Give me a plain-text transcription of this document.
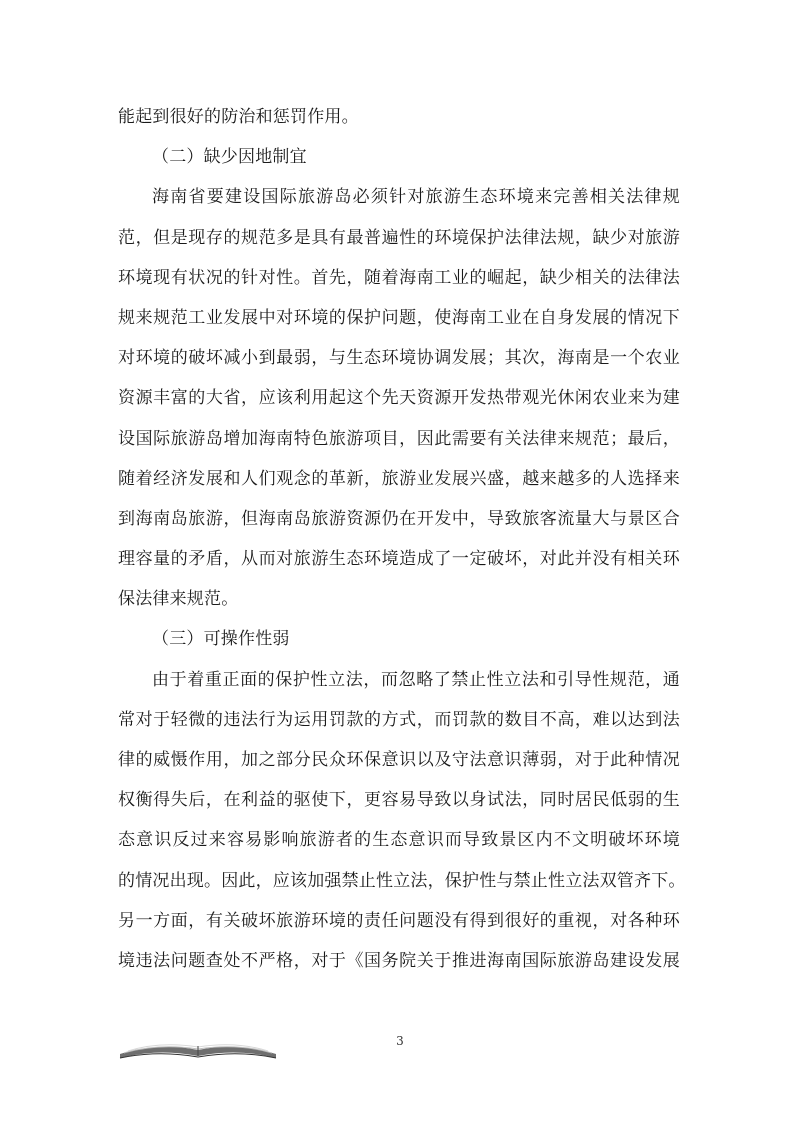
能起到很好的防治和惩罚作用。
（二）缺少因地制宜
海南省要建设国际旅游岛必须针对旅游生态环境来完善相关法律规
范，但是现存的规范多是具有最普遍性的环境保护法律法规，缺少对旅游
环境现有状况的针对性。首先，随着海南工业的崛起，缺少相关的法律法
规来规范工业发展中对环境的保护问题，使海南工业在自身发展的情况下
对环境的破坏减小到最弱，与生态环境协调发展；其次，海南是一个农业
资源丰富的大省，应该利用起这个先天资源开发热带观光休闲农业来为建
设国际旅游岛增加海南特色旅游项目，因此需要有关法律来规范；最后，
随着经济发展和人们观念的革新，旅游业发展兴盛，越来越多的人选择来
到海南岛旅游，但海南岛旅游资源仍在开发中，导致旅客流量大与景区合
理容量的矛盾，从而对旅游生态环境造成了一定破坏，对此并没有相关环
保法律来规范。
（三）可操作性弱
由于着重正面的保护性立法，而忽略了禁止性立法和引导性规范，通
常对于轻微的违法行为运用罚款的方式，而罚款的数目不高，难以达到法
律的威慑作用，加之部分民众环保意识以及守法意识薄弱，对于此种情况
权衡得失后，在利益的驱使下，更容易导致以身试法，同时居民低弱的生
态意识反过来容易影响旅游者的生态意识而导致景区内不文明破坏环境
的情况出现。因此，应该加强禁止性立法，保护性与禁止性立法双管齐下。
另一方面，有关破坏旅游环境的责任问题没有得到很好的重视，对各种环
境违法问题查处不严格，对于《国务院关于推进海南国际旅游岛建设发展
3
